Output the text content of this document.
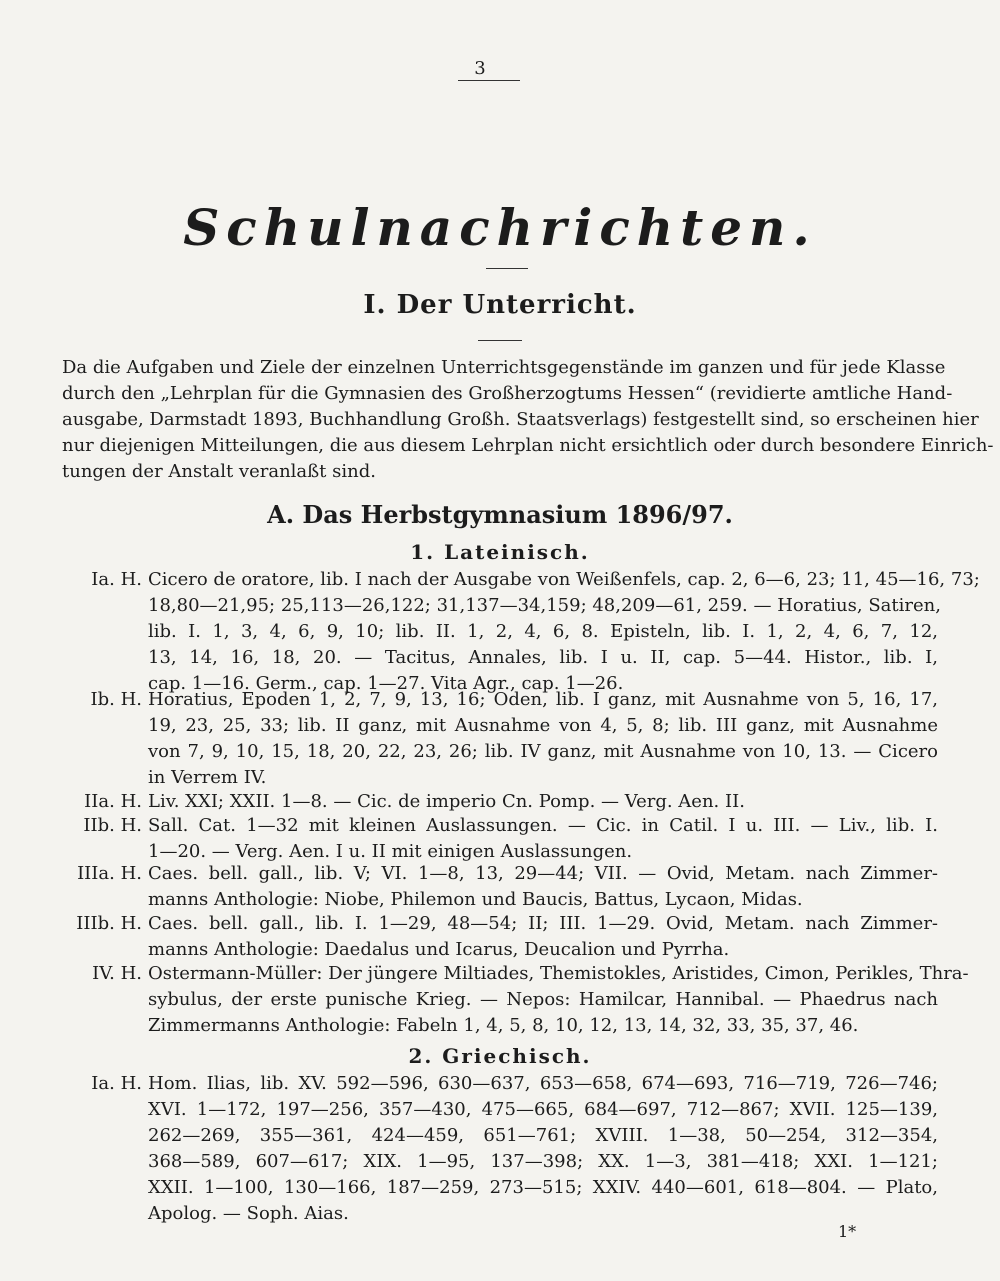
3
Schulnachrichten.
I. Der Unterricht.
Da die Aufgaben und Ziele der einzelnen Unterrichtsgegenstände im ganzen und für jede Klasse
durch den „Lehrplan für die Gymnasien des Großherzogtums Hessen“ (revidierte amtliche Hand-
ausgabe, Darmstadt 1893, Buchhandlung Großh. Staatsverlags) festgestellt sind, so erscheinen hier
nur diejenigen Mitteilungen, die aus diesem Lehrplan nicht ersichtlich oder durch besondere Einrich-
tungen der Anstalt veranlaßt sind.
A. Das Herbstgymnasium 1896/97.
1. Lateinisch.
Ia. H. Cicero de oratore, lib. I nach der Ausgabe von Weißenfels, cap. 2, 6—6, 23; 11, 45—16, 73;
18,80—21,95; 25,113—26,122; 31,137—34,159; 48,209—61, 259. — Horatius, Satiren,
lib. I. 1, 3, 4, 6, 9, 10; lib. II. 1, 2, 4, 6, 8. Episteln, lib. I. 1, 2, 4, 6, 7, 12,
13, 14, 16, 18, 20. — Tacitus, Annales, lib. I u. II, cap. 5—44. Histor., lib. I,
cap. 1—16. Germ., cap. 1—27. Vita Agr., cap. 1—26.
Ib. H. Horatius, Epoden 1, 2, 7, 9, 13, 16; Oden, lib. I ganz, mit Ausnahme von 5, 16, 17,
19, 23, 25, 33; lib. II ganz, mit Ausnahme von 4, 5, 8; lib. III ganz, mit Ausnahme
von 7, 9, 10, 15, 18, 20, 22, 23, 26; lib. IV ganz, mit Ausnahme von 10, 13. — Cicero
in Verrem IV.
IIa. H. Liv. XXI; XXII. 1—8. — Cic. de imperio Cn. Pomp. — Verg. Aen. II.
IIb. H. Sall. Cat. 1—32 mit kleinen Auslassungen. — Cic. in Catil. I u. III. — Liv., lib. I.
1—20. — Verg. Aen. I u. II mit einigen Auslassungen.
IIIa. H. Caes. bell. gall., lib. V; VI. 1—8, 13, 29—44; VII. — Ovid, Metam. nach Zimmer-
manns Anthologie: Niobe, Philemon und Baucis, Battus, Lycaon, Midas.
IIIb. H. Caes. bell. gall., lib. I. 1—29, 48—54; II; III. 1—29. Ovid, Metam. nach Zimmer-
manns Anthologie: Daedalus und Icarus, Deucalion und Pyrrha.
IV. H. Ostermann-Müller: Der jüngere Miltiades, Themistokles, Aristides, Cimon, Perikles, Thra-
sybulus, der erste punische Krieg. — Nepos: Hamilcar, Hannibal. — Phaedrus nach
Zimmermanns Anthologie: Fabeln 1, 4, 5, 8, 10, 12, 13, 14, 32, 33, 35, 37, 46.
2. Griechisch.
Ia. H. Hom. Ilias, lib. XV. 592—596, 630—637, 653—658, 674—693, 716—719, 726—746;
XVI. 1—172, 197—256, 357—430, 475—665, 684—697, 712—867; XVII. 125—139,
262—269, 355—361, 424—459, 651—761; XVIII. 1—38, 50—254, 312—354,
368—589, 607—617; XIX. 1—95, 137—398; XX. 1—3, 381—418; XXI. 1—121;
XXII. 1—100, 130—166, 187—259, 273—515; XXIV. 440—601, 618—804. — Plato,
Apolog. — Soph. Aias.
1*
